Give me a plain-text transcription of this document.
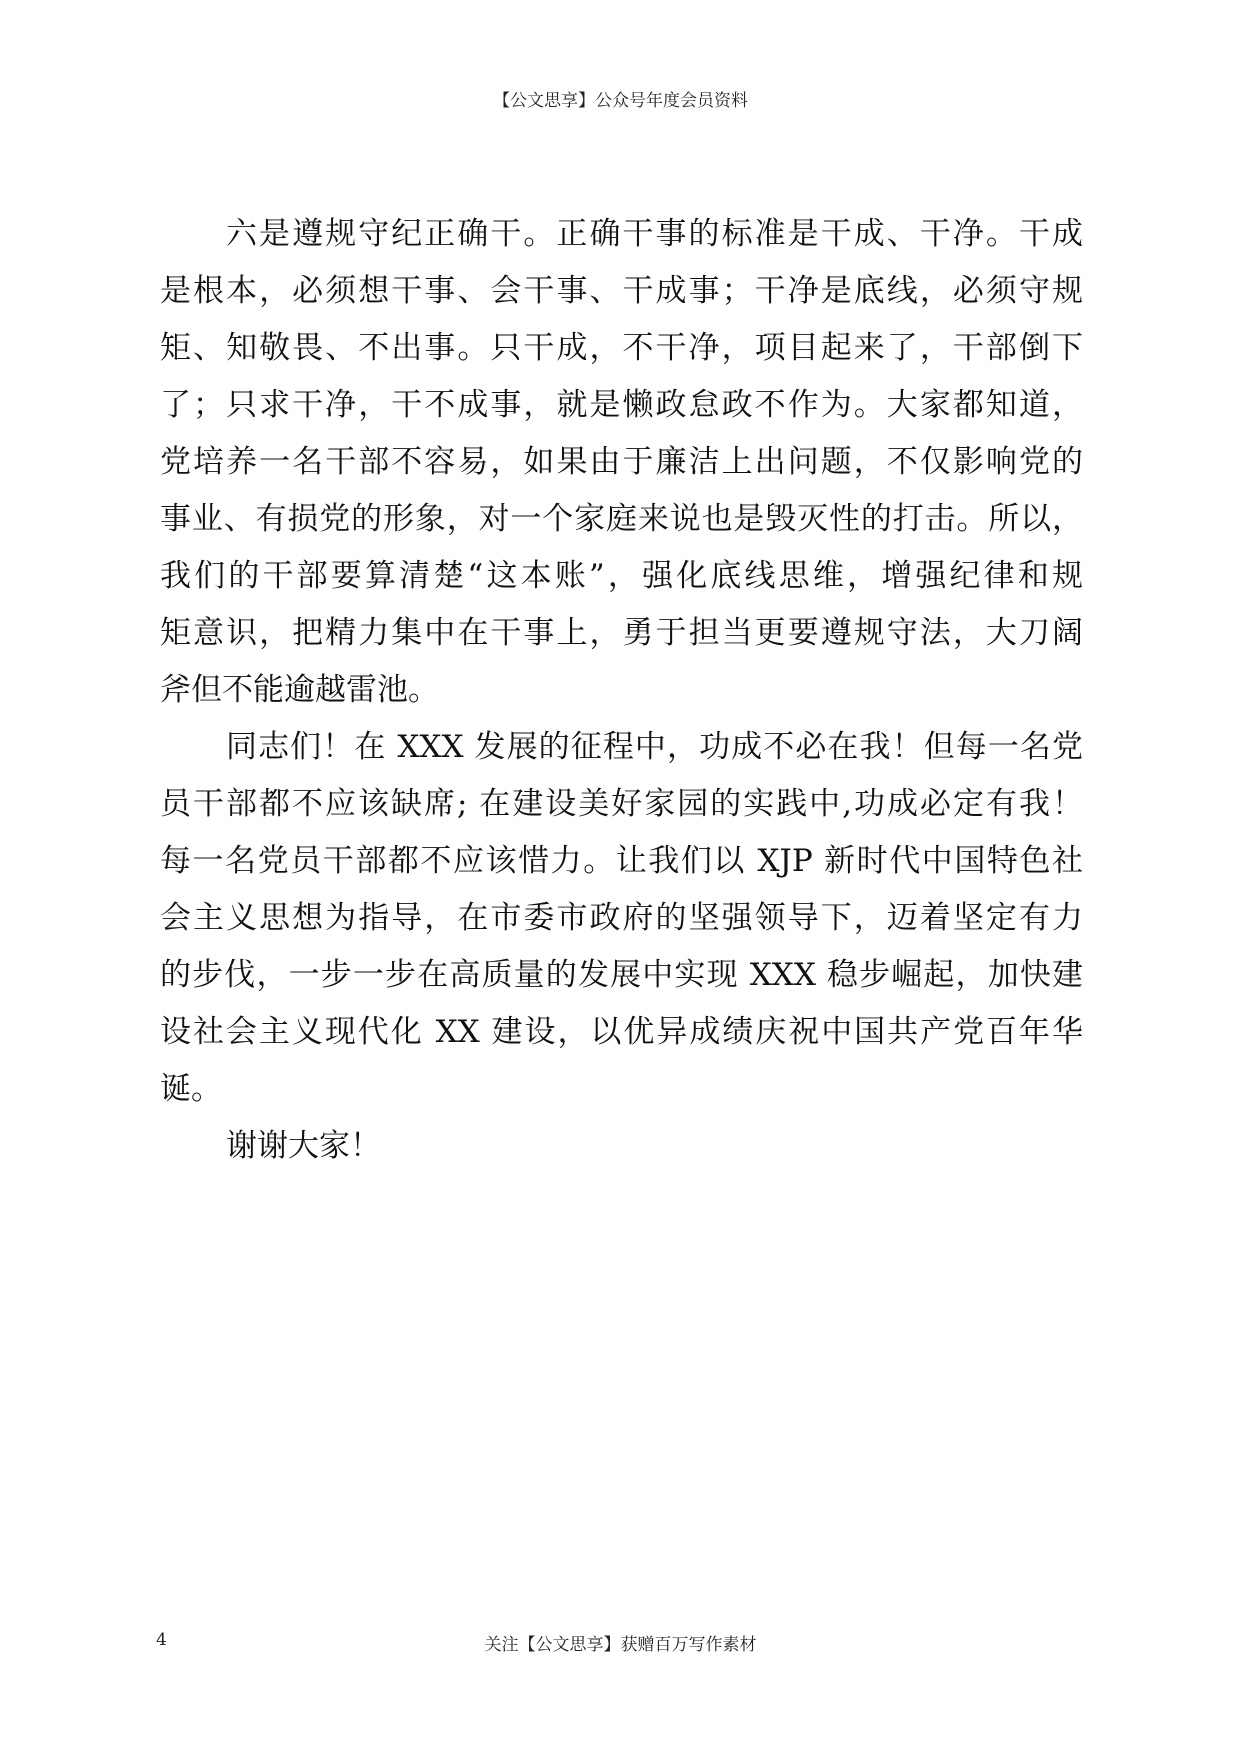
【公文思享】公众号年度会员资料
六是遵规守纪正确干。正确干事的标准是干成、干净。干成
是根本，必须想干事、会干事、干成事；干净是底线，必须守规
矩、知敬畏、不出事。只干成，不干净，项目起来了，干部倒下
了；只求干净，干不成事，就是懒政怠政不作为。大家都知道，
党培养一名干部不容易，如果由于廉洁上出问题，不仅影响党的
事业、有损党的形象，对一个家庭来说也是毁灭性的打击。所以，
我们的干部要算清楚“这本账”，强化底线思维，增强纪律和规
矩意识，把精力集中在干事上，勇于担当更要遵规守法，大刀阔
斧但不能逾越雷池。
同志们！在 XXX 发展的征程中，功成不必在我！但每一名党
员干部都不应该缺席; 在建设美好家园的实践中,功成必定有我！
每一名党员干部都不应该惜力。让我们以 XJP 新时代中国特色社
会主义思想为指导，在市委市政府的坚强领导下，迈着坚定有力
的步伐，一步一步在高质量的发展中实现 XXX 稳步崛起，加快建
设社会主义现代化 XX 建设，以优异成绩庆祝中国共产党百年华
诞。
谢谢大家！
4	关注【公文思享】获赠百万写作素材
